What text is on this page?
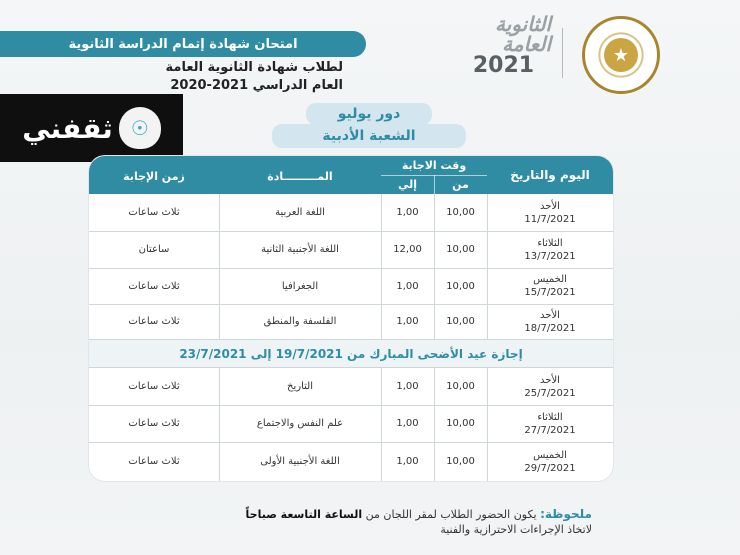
امتحان شهادة إتمام الدراسة الثانوية
لطلاب شهادة الثانوية العامة
العام الدراسي 2021-2020
الثانوية العامة
2021	★
☉
ثقفني	دور يوليو
الشعبة الأدبية
اليوم والتاريخ
وقت الاجابة
من
إلي
المـــــــــادة
زمن الإجابة
الأحد
11/7/2021
10,00
1,00
اللغة العربية
ثلاث ساعات
الثلاثاء
13/7/2021
10,00
12,00
اللغة الأجنبية الثانية
ساعتان
الخميس
15/7/2021
10,00
1,00
الجغرافيا
ثلاث ساعات
الأحد
18/7/2021
10,00
1,00
الفلسفة والمنطق
ثلاث ساعات
إجازة عيد الأضحى المبارك من 19/7/2021 إلى 23/7/2021
الأحد
25/7/2021
10,00
1,00
التاريخ
ثلاث ساعات
الثلاثاء
27/7/2021
10,00
1,00
علم النفس والاجتماع
ثلاث ساعات
الخميس
29/7/2021
10,00
1,00
اللغة الأجنبية الأولى
ثلاث ساعات
ملحوظة: يكون الحضور الطلاب لمقر اللجان من الساعة التاسعة صباحاً
لاتخاذ الإجراءات الاحترازية والفنية
